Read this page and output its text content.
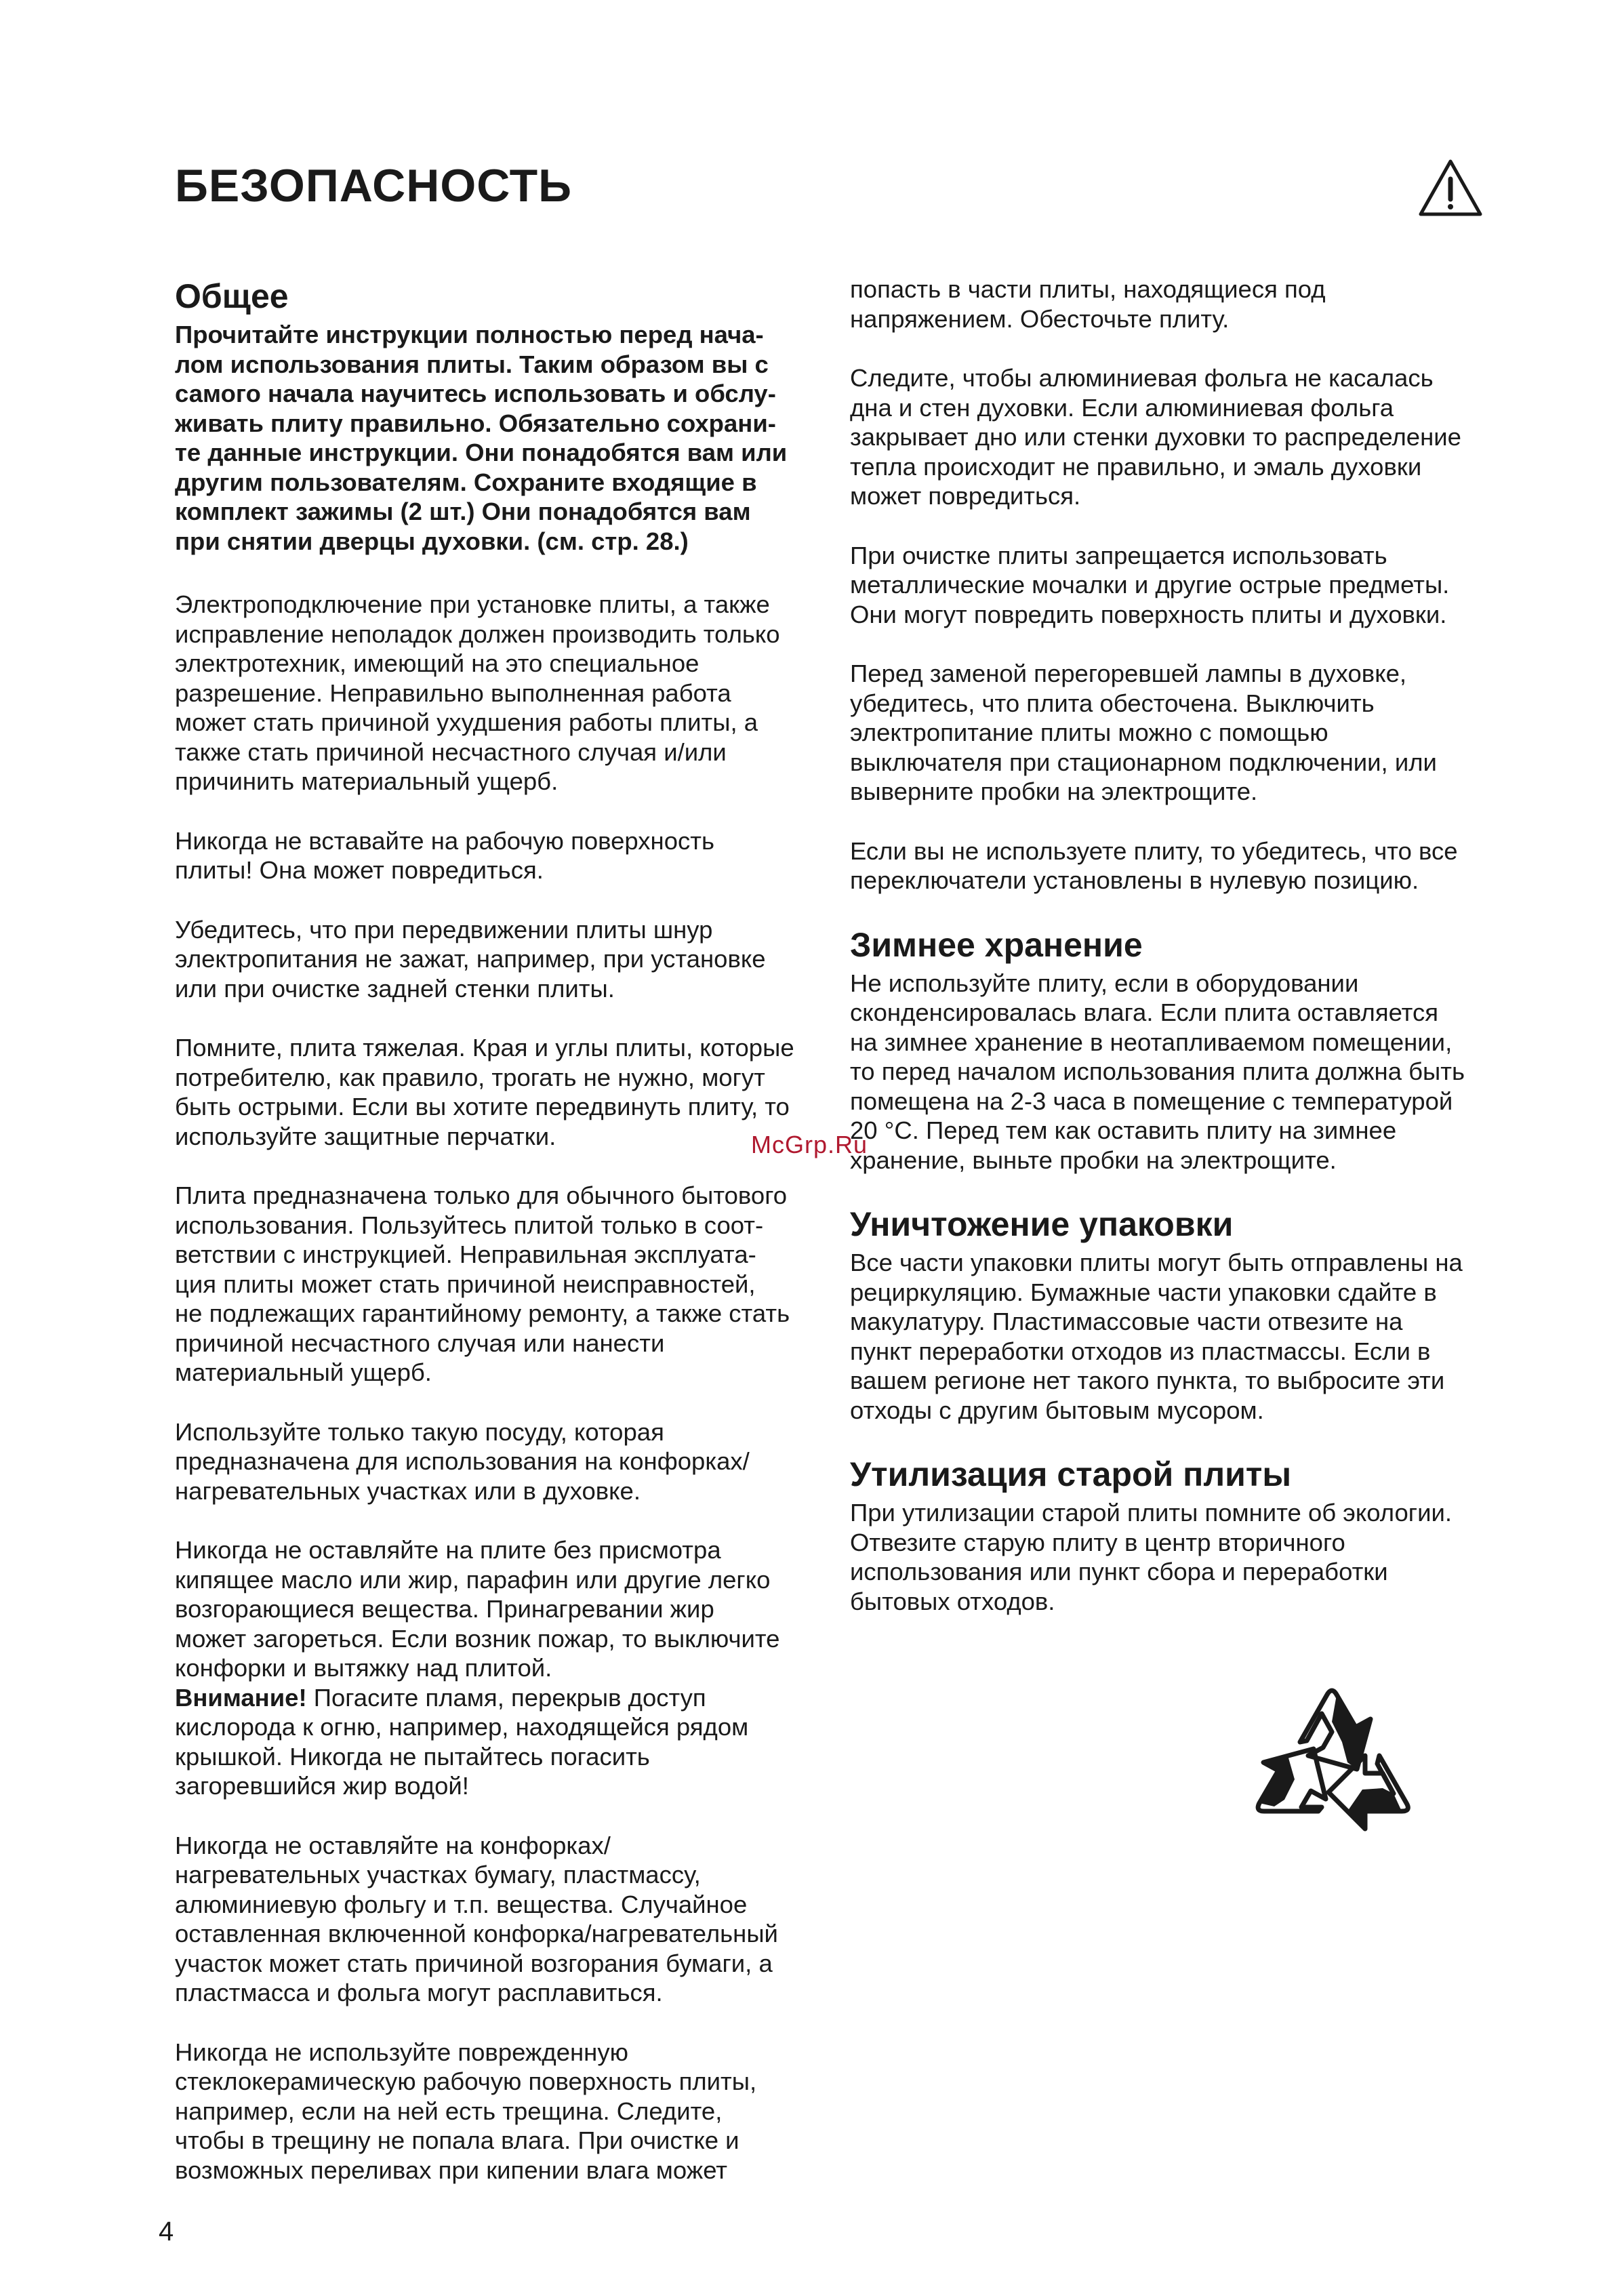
БЕЗОПАСНОСТЬ
Общее

Прочитайте инструкции полностью перед нача-
лом использования плиты. Таким образом вы с
самого начала научитесь использовать и обслу-
живать плиту правильно. Обязательно сохрани-
те данные инструкции. Они понадобятся вам или
другим пользователям. Сохраните входящие в
комплект зажимы (2 шт.) Они понадобятся вам
при снятии дверцы духовки. (см. стр. 28.)

Электроподключение при установке плиты, а также
исправление неполадок должен производить только
электротехник, имеющий на это специальное
разрешение. Неправильно выполненная работа
может стать причиной ухудшения работы плиты, а
также стать причиной несчастного случая и/или
причинить материальный ущерб.

Никогда не вставайте на рабочую поверхность
плиты! Она может повредиться.

Убедитесь, что при передвижении плиты шнур
электропитания не зажат, например, при установке
или при очистке задней стенки плиты.

Помните, плита тяжелая. Края и углы плиты, которые
потребителю, как правило, трогать не нужно, могут
быть острыми. Если вы хотите передвинуть плиту, то
используйте защитные перчатки.

Плита предназначена только для обычного бытового
использования. Пользуйтесь плитой только в соот-
ветствии с инструкцией. Неправильная эксплуата-
ция плиты может стать причиной неисправностей,
не подлежащих гарантийному ремонту, а также стать
причиной несчастного случая или нанести
материальный ущерб.

Используйте только такую посуду, которая
предназначена для использования на конфорках/
нагревательных участках или в духовке.

Никогда не оставляйте на плите без присмотра
кипящее масло или жир, парафин или другие легко
возгорающиеся вещества. Принагревании жир
может загореться. Если возник пожар, то выключите
конфорки и вытяжку над плитой.
Внимание! Погасите пламя, перекрыв доступ
кислорода к огню, например, находящейся рядом
крышкой. Никогда не пытайтесь погасить
загоревшийся жир водой!

Никогда не оставляйте на конфорках/
нагревательных участках бумагу, пластмассу,
алюминиевую фольгу и т.п. вещества. Случайное
оставленная включенной конфорка/нагревательный
участок может стать причиной возгорания бумаги, а
пластмасса и фольга могут расплавиться.

Никогда не используйте поврежденную
стеклокерамическую рабочую поверхность плиты,
например, если на ней есть трещина. Следите,
чтобы в трещину не попала влага. При очистке и
возможных переливах при кипении влага может

попасть в части плиты, находящиеся под
напряжением. Обесточьте плиту.

Следите, чтобы алюминиевая фольга не касалась
дна и стен духовки. Если алюминиевая фольга
закрывает дно или стенки духовки то распределение
тепла происходит не правильно, и эмаль духовки
может повредиться.

При очистке плиты запрещается использовать
металлические мочалки и другие острые предметы.
Они могут повредить поверхность плиты и духовки.

Перед заменой перегоревшей лампы в духовке,
убедитесь, что плита обесточена. Выключить
электропитание плиты можно с помощью
выключателя при стационарном подключении, или
выверните пробки на электрощите.

Если вы не используете плиту, то убедитесь, что все
переключатели установлены в нулевую позицию.

Зимнее хранение

Не используйте плиту, если в оборудовании
сконденсировалась влага. Если плита оставляется
на зимнее хранение в неотапливаемом помещении,
то перед началом использования плита должна быть
помещена на 2-3 часа в помещение с температурой
20 °С. Перед тем как оставить плиту на зимнее
хранение, выньте пробки на электрощите.

Уничтожение упаковки

Все части упаковки плиты могут быть отправлены на
рециркуляцию. Бумажные части упаковки сдайте в
макулатуру. Пластимассовые части отвезите на
пункт переработки отходов из пластмассы. Если в
вашем регионе нет такого пункта, то выбросите эти
отходы с другим бытовым мусором.

Утилизация старой плиты

При утилизации старой плиты помните об экологии.
Отвезите старую плиту в центр вторичного
использования или пункт сбора и переработки
бытовых отходов.

McGrp.Ru
4
